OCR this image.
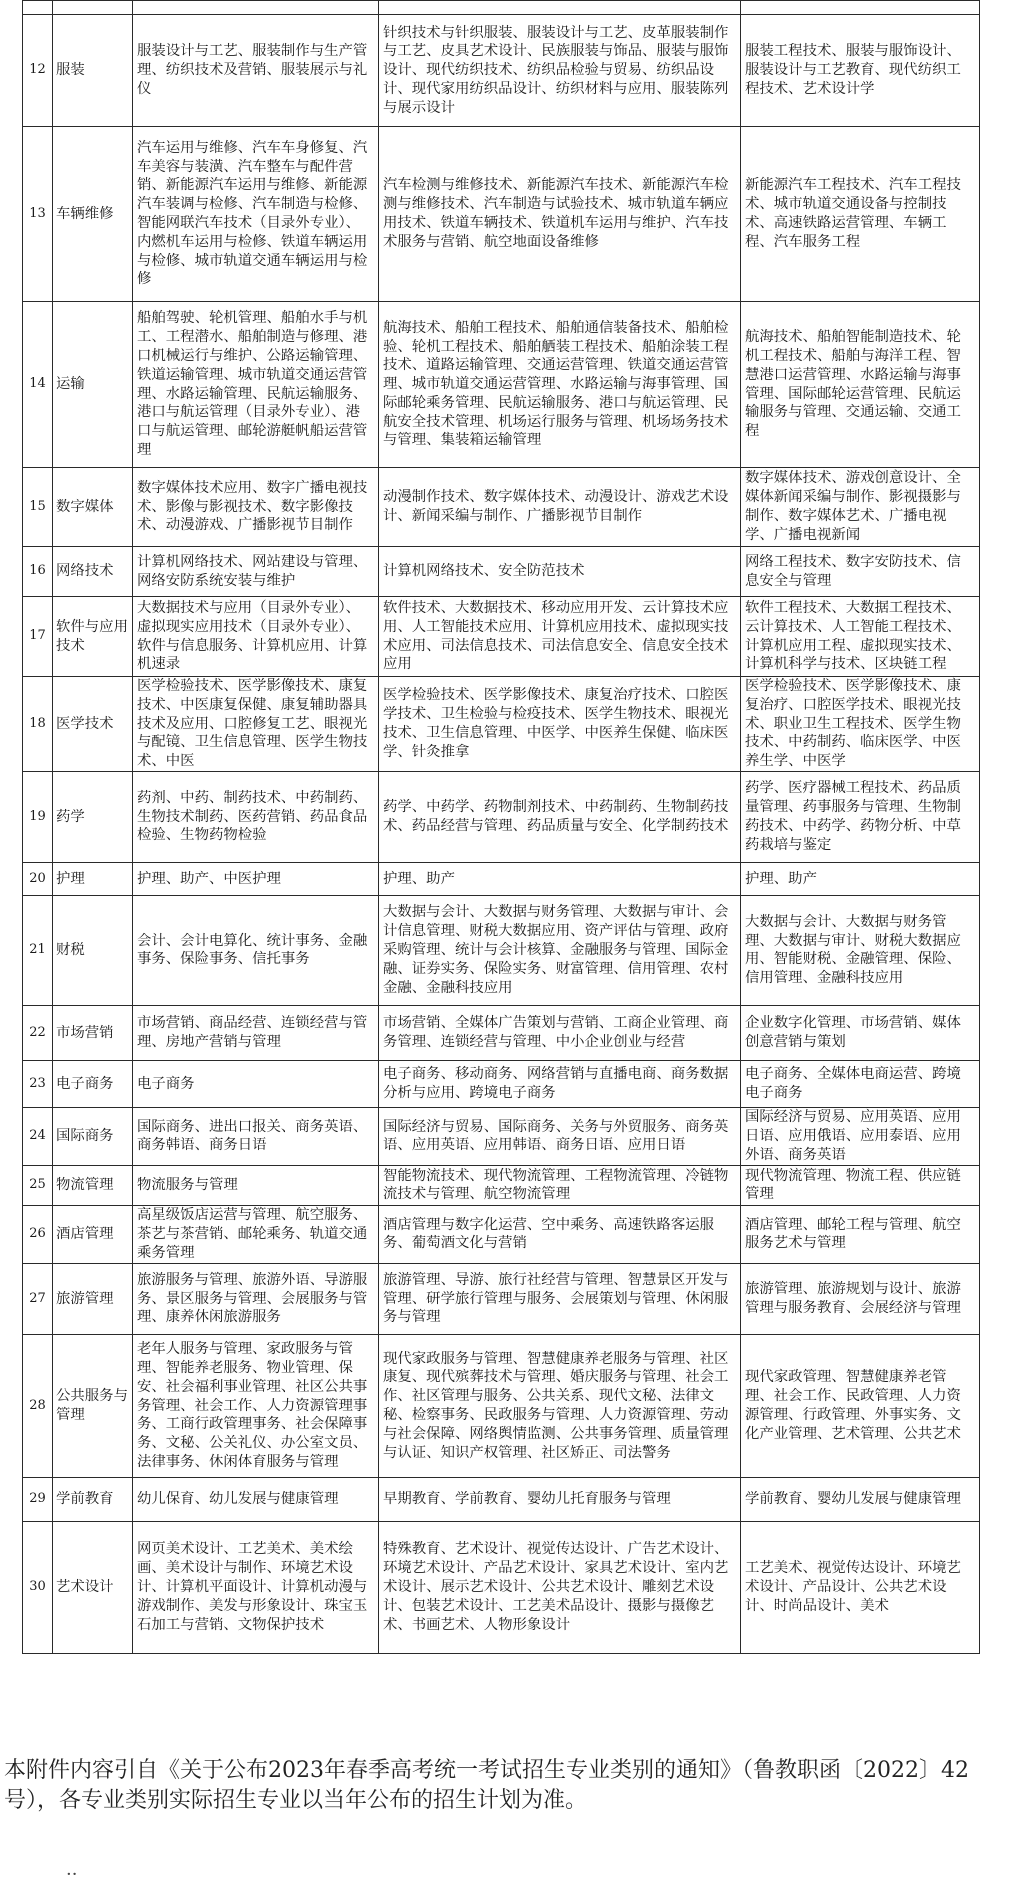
12	服装	服装设计与工艺、服装制作与生产管理、纺织技术及营销、服装展示与礼仪	针织技术与针织服装、服装设计与工艺、皮革服装制作与工艺、皮具艺术设计、民族服装与饰品、服装与服饰设计、现代纺织技术、纺织品检验与贸易、纺织品设计、现代家用纺织品设计、纺织材料与应用、服装陈列与展示设计	服装工程技术、服装与服饰设计、服装设计与工艺教育、现代纺织工程技术、艺术设计学
13	车辆维修	汽车运用与维修、汽车车身修复、汽车美容与装潢、汽车整车与配件营销、新能源汽车运用与维修、新能源汽车装调与检修、汽车制造与检修、智能网联汽车技术（目录外专业）、内燃机车运用与检修、铁道车辆运用与检修、城市轨道交通车辆运用与检修	汽车检测与维修技术、新能源汽车技术、新能源汽车检测与维修技术、汽车制造与试验技术、城市轨道车辆应用技术、铁道车辆技术、铁道机车运用与维护、汽车技术服务与营销、航空地面设备维修	新能源汽车工程技术、汽车工程技术、城市轨道交通设备与控制技术、高速铁路运营管理、车辆工程、汽车服务工程
14	运输	船舶驾驶、轮机管理、船舶水手与机工、工程潜水、船舶制造与修理、港口机械运行与维护、公路运输管理、铁道运输管理、城市轨道交通运营管理、水路运输管理、民航运输服务、港口与航运管理（目录外专业）、港口与航运管理、邮轮游艇帆船运营管理	航海技术、船舶工程技术、船舶通信装备技术、船舶检验、轮机工程技术、船舶舾装工程技术、船舶涂装工程技术、道路运输管理、交通运营管理、铁道交通运营管理、城市轨道交通运营管理、水路运输与海事管理、国际邮轮乘务管理、民航运输服务、港口与航运管理、民航安全技术管理、机场运行服务与管理、机场场务技术与管理、集装箱运输管理	航海技术、船舶智能制造技术、轮机工程技术、船舶与海洋工程、智慧港口运营管理、水路运输与海事管理、国际邮轮运营管理、民航运输服务与管理、交通运输、交通工程
15	数字媒体	数字媒体技术应用、数字广播电视技术、影像与影视技术、数字影像技术、动漫游戏、广播影视节目制作	动漫制作技术、数字媒体技术、动漫设计、游戏艺术设计、新闻采编与制作、广播影视节目制作	数字媒体技术、游戏创意设计、全媒体新闻采编与制作、影视摄影与制作、数字媒体艺术、广播电视学、广播电视新闻
16	网络技术	计算机网络技术、网站建设与管理、网络安防系统安装与维护	计算机网络技术、安全防范技术	网络工程技术、数字安防技术、信息安全与管理
17	软件与应用技术	大数据技术与应用（目录外专业）、虚拟现实应用技术（目录外专业）、软件与信息服务、计算机应用、计算机速录	软件技术、大数据技术、移动应用开发、云计算技术应用、人工智能技术应用、计算机应用技术、虚拟现实技术应用、司法信息技术、司法信息安全、信息安全技术应用	软件工程技术、大数据工程技术、云计算技术、人工智能工程技术、计算机应用工程、虚拟现实技术、计算机科学与技术、区块链工程
18	医学技术	医学检验技术、医学影像技术、康复技术、中医康复保健、康复辅助器具技术及应用、口腔修复工艺、眼视光与配镜、卫生信息管理、医学生物技术、中医	医学检验技术、医学影像技术、康复治疗技术、口腔医学技术、卫生检验与检疫技术、医学生物技术、眼视光技术、卫生信息管理、中医学、中医养生保健、临床医学、针灸推拿	医学检验技术、医学影像技术、康复治疗、口腔医学技术、眼视光技术、职业卫生工程技术、医学生物技术、中药制药、临床医学、中医养生学、中医学
19	药学	药剂、中药、制药技术、中药制药、生物技术制药、医药营销、药品食品检验、生物药物检验	药学、中药学、药物制剂技术、中药制药、生物制药技术、药品经营与管理、药品质量与安全、化学制药技术	药学、医疗器械工程技术、药品质量管理、药事服务与管理、生物制药技术、中药学、药物分析、中草药栽培与鉴定
20	护理	护理、助产、中医护理	护理、助产	护理、助产
21	财税	会计、会计电算化、统计事务、金融事务、保险事务、信托事务	大数据与会计、大数据与财务管理、大数据与审计、会计信息管理、财税大数据应用、资产评估与管理、政府采购管理、统计与会计核算、金融服务与管理、国际金融、证券实务、保险实务、财富管理、信用管理、农村金融、金融科技应用	大数据与会计、大数据与财务管理、大数据与审计、财税大数据应用、智能财税、金融管理、保险、信用管理、金融科技应用
22	市场营销	市场营销、商品经营、连锁经营与管理、房地产营销与管理	市场营销、全媒体广告策划与营销、工商企业管理、商务管理、连锁经营与管理、中小企业创业与经营	企业数字化管理、市场营销、媒体创意营销与策划
23	电子商务	电子商务	电子商务、移动商务、网络营销与直播电商、商务数据分析与应用、跨境电子商务	电子商务、全媒体电商运营、跨境电子商务
24	国际商务	国际商务、进出口报关、商务英语、商务韩语、商务日语	国际经济与贸易、国际商务、关务与外贸服务、商务英语、应用英语、应用韩语、商务日语、应用日语	国际经济与贸易、应用英语、应用日语、应用俄语、应用泰语、应用外语、商务英语
25	物流管理	物流服务与管理	智能物流技术、现代物流管理、工程物流管理、冷链物流技术与管理、航空物流管理	现代物流管理、物流工程、供应链管理
26	酒店管理	高星级饭店运营与管理、航空服务、茶艺与茶营销、邮轮乘务、轨道交通乘务管理	酒店管理与数字化运营、空中乘务、高速铁路客运服务、葡萄酒文化与营销	酒店管理、邮轮工程与管理、航空服务艺术与管理
27	旅游管理	旅游服务与管理、旅游外语、导游服务、景区服务与管理、会展服务与管理、康养休闲旅游服务	旅游管理、导游、旅行社经营与管理、智慧景区开发与管理、研学旅行管理与服务、会展策划与管理、休闲服务与管理	旅游管理、旅游规划与设计、旅游管理与服务教育、会展经济与管理
28	公共服务与管理	老年人服务与管理、家政服务与管理、智能养老服务、物业管理、保安、社会福利事业管理、社区公共事务管理、社会工作、人力资源管理事务、工商行政管理事务、社会保障事务、文秘、公关礼仪、办公室文员、法律事务、休闲体育服务与管理	现代家政服务与管理、智慧健康养老服务与管理、社区康复、现代殡葬技术与管理、婚庆服务与管理、社会工作、社区管理与服务、公共关系、现代文秘、法律文秘、检察事务、民政服务与管理、人力资源管理、劳动与社会保障、网络舆情监测、公共事务管理、质量管理与认证、知识产权管理、社区矫正、司法警务	现代家政管理、智慧健康养老管理、社会工作、民政管理、人力资源管理、行政管理、外事实务、文化产业管理、艺术管理、公共艺术
29	学前教育	幼儿保育、幼儿发展与健康管理	早期教育、学前教育、婴幼儿托育服务与管理	学前教育、婴幼儿发展与健康管理
30	艺术设计	网页美术设计、工艺美术、美术绘画、美术设计与制作、环境艺术设计、计算机平面设计、计算机动漫与游戏制作、美发与形象设计、珠宝玉石加工与营销、文物保护技术	特殊教育、艺术设计、视觉传达设计、广告艺术设计、环境艺术设计、产品艺术设计、家具艺术设计、室内艺术设计、展示艺术设计、公共艺术设计、雕刻艺术设计、包装艺术设计、工艺美术品设计、摄影与摄像艺术、书画艺术、人物形象设计	工艺美术、视觉传达设计、环境艺术设计、产品设计、公共艺术设计、时尚品设计、美术
本附件内容引自《关于公布2023年春季高考统一考试招生专业类别的通知》（鲁教职函〔2022〕42号），各专业类别实际招生专业以当年公布的招生计划为准。
··
